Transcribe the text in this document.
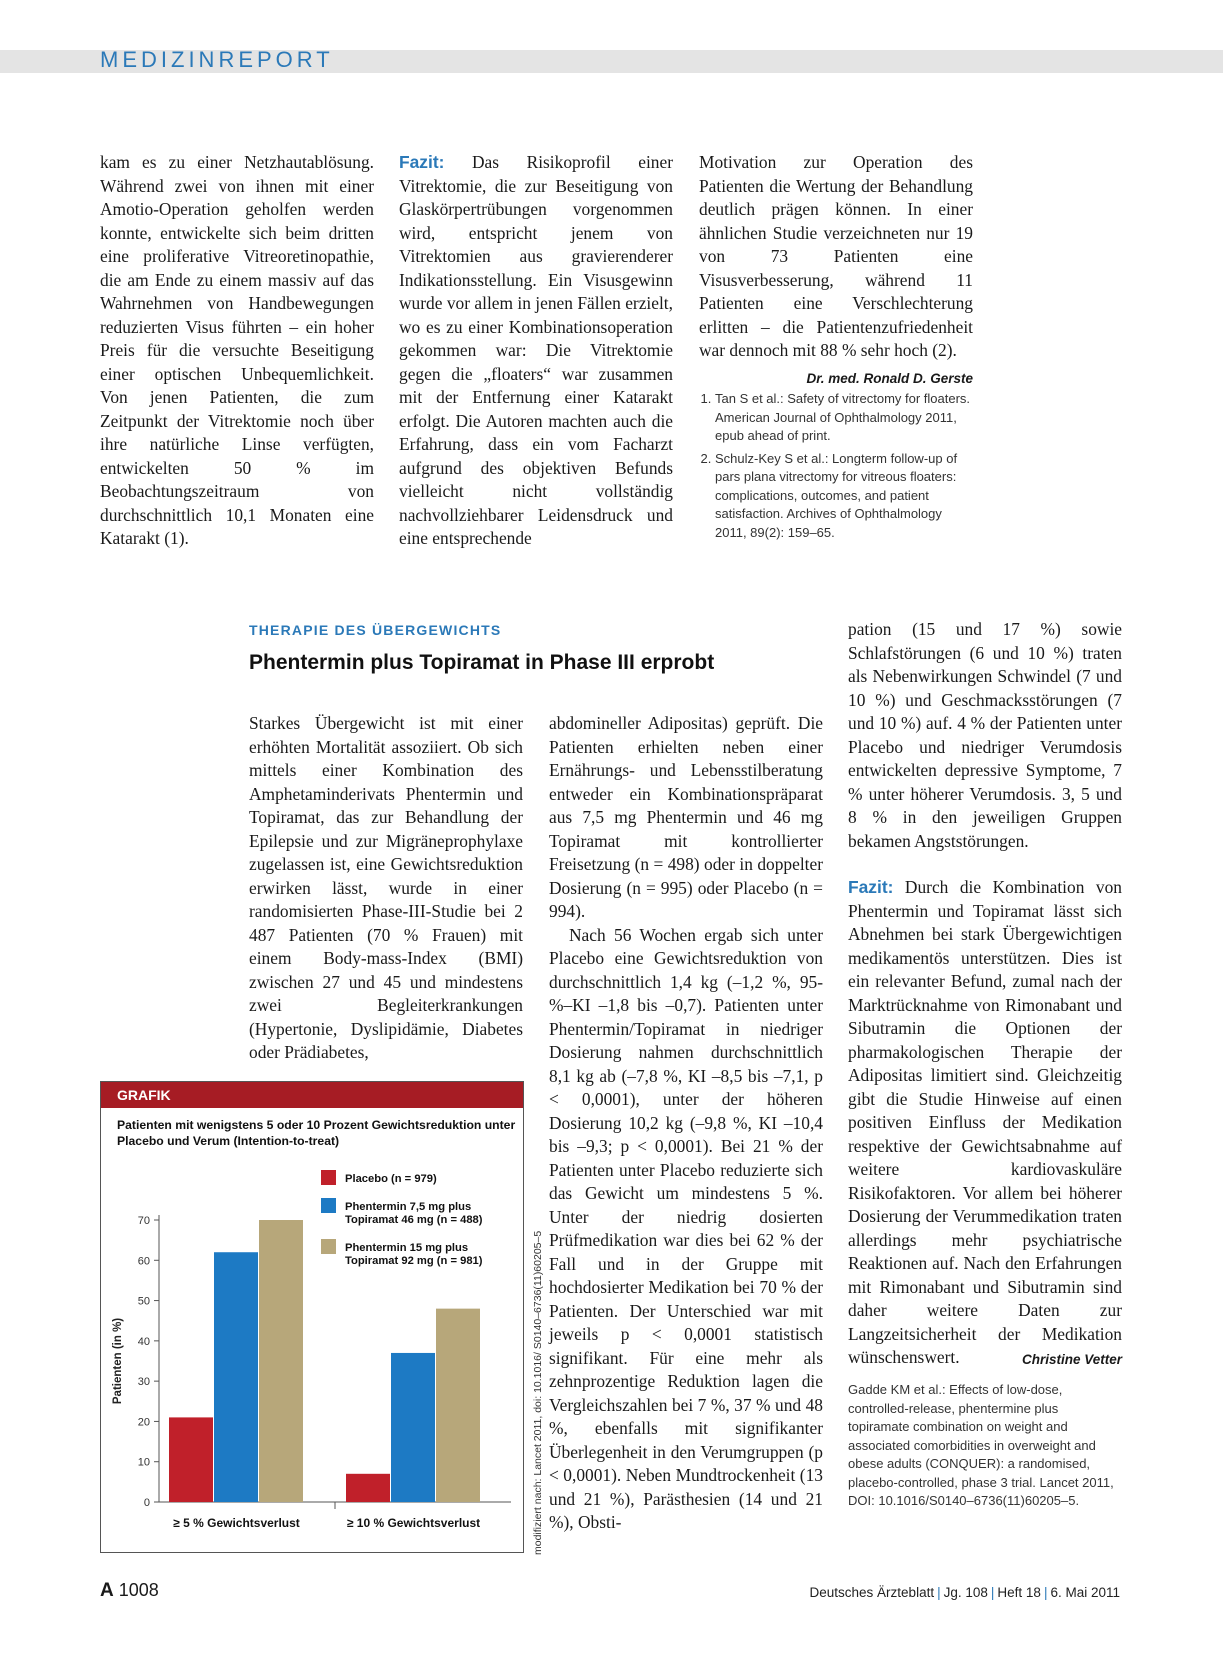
MEDIZINREPORT

kam es zu einer Netzhautablösung. Während zwei von ihnen mit einer Amotio-Operation geholfen werden konnte, entwickelte sich beim dritten eine proliferative Vitreoretinopathie, die am Ende zu einem massiv auf das Wahrnehmen von Handbewegungen reduzierten Visus führten – ein hoher Preis für die versuchte Beseitigung einer optischen Unbequemlichkeit. Von jenen Patienten, die zum Zeitpunkt der Vitrektomie noch über ihre natürliche Linse verfügten, entwickelten 50 % im Beobachtungszeitraum von durchschnittlich 10,1 Monaten eine Katarakt (1).

Fazit: Das Risikoprofil einer Vitrektomie, die zur Beseitigung von Glaskörpertrübungen vorgenommen wird, entspricht jenem von Vitrektomien aus gravierenderer Indikationsstellung. Ein Visusgewinn wurde vor allem in jenen Fällen erzielt, wo es zu einer Kombinationsoperation gekommen war: Die Vitrektomie gegen die „floaters“ war zusammen mit der Entfernung einer Katarakt erfolgt. Die Autoren machten auch die Erfahrung, dass ein vom Facharzt aufgrund des objektiven Befunds vielleicht nicht vollständig nachvollziehbarer Leidensdruck und eine entsprechende

Motivation zur Operation des Patienten die Wertung der Behandlung deutlich prägen können. In einer ähnlichen Studie verzeichneten nur 19 von 73 Patienten eine Visusverbesserung, während 11 Patienten eine Verschlechterung erlitten – die Patientenzufriedenheit war dennoch mit 88 % sehr hoch (2).

Dr. med. Ronald D. Gerste
1. Tan S et al.: Safety of vitrectomy for floaters. American Journal of Ophthalmology 2011, epub ahead of print.
2. Schulz-Key S et al.: Longterm follow-up of pars plana vitrectomy for vitreous floaters: complications, outcomes, and patient satisfaction. Archives of Ophthalmology 2011, 89(2): 159–65.
THERAPIE DES ÜBERGEWICHTS
Phentermin plus Topiramat in Phase III erprobt

Starkes Übergewicht ist mit einer erhöhten Mortalität assoziiert. Ob sich mittels einer Kombination des Amphetaminderivats Phentermin und Topiramat, das zur Behandlung der Epilepsie und zur Migräneprophylaxe zugelassen ist, eine Gewichtsreduktion erwirken lässt, wurde in einer randomisierten Phase-III-Studie bei 2 487 Patienten (70 % Frauen) mit einem Body-mass-Index (BMI) zwischen 27 und 45 und mindestens zwei Begleiterkrankungen (Hypertonie, Dyslipidämie, Diabetes oder Prädiabetes,

abdomineller Adipositas) geprüft. Die Patienten erhielten neben einer Ernährungs- und Lebensstilberatung entweder ein Kombinationspräparat aus 7,5 mg Phentermin und 46 mg Topiramat mit kontrollierter Freisetzung (n = 498) oder in doppelter Dosierung (n = 995) oder Placebo (n = 994).

Nach 56 Wochen ergab sich unter Placebo eine Gewichtsreduktion von durchschnittlich 1,4 kg (–1,2 %, 95-%–KI –1,8 bis –0,7). Patienten unter Phentermin/Topiramat in niedriger Dosierung nahmen durchschnittlich 8,1 kg ab (–7,8 %, KI –8,5 bis –7,1, p < 0,0001), unter der höheren Dosierung 10,2 kg (–9,8 %, KI –10,4 bis –9,3; p < 0,0001). Bei 21 % der Patienten unter Placebo reduzierte sich das Gewicht um mindestens 5 %. Unter der niedrig dosierten Prüfmedikation war dies bei 62 % der Fall und in der Gruppe mit hochdosierter Medikation bei 70 % der Patienten. Der Unterschied war mit jeweils p < 0,0001 statistisch signifikant. Für eine mehr als zehnprozentige Reduktion lagen die Vergleichszahlen bei 7 %, 37 % und 48 %, ebenfalls mit signifikanter Überlegenheit in den Verumgruppen (p < 0,0001). Neben Mundtrockenheit (13 und 21 %), Parästhesien (14 und 21 %), Obsti-

pation (15 und 17 %) sowie Schlafstörungen (6 und 10 %) traten als Nebenwirkungen Schwindel (7 und 10 %) und Geschmacksstörungen (7 und 10 %) auf. 4 % der Patienten unter Placebo und niedriger Verumdosis entwickelten depressive Symptome, 7 % unter höherer Verumdosis. 3, 5 und 8 % in den jeweiligen Gruppen bekamen Angststörungen.

Fazit: Durch die Kombination von Phentermin und Topiramat lässt sich Abnehmen bei stark Übergewichtigen medikamentös unterstützen. Dies ist ein relevanter Befund, zumal nach der Marktrücknahme von Rimonabant und Sibutramin die Optionen der pharmakologischen Therapie der Adipositas limitiert sind. Gleichzeitig gibt die Studie Hinweise auf einen positiven Einfluss der Medikation respektive der Gewichtsabnahme auf weitere kardiovaskuläre Risikofaktoren. Vor allem bei höherer Dosierung der Verummedikation traten allerdings mehr psychiatrische Reaktionen auf. Nach den Erfahrungen mit Rimonabant und Sibutramin sind daher weitere Daten zur Langzeitsicherheit der Medikation wünschenswert.	Christine Vetter
Gadde KM et al.: Effects of low-dose, controlled-release, phentermine plus topiramate combination on weight and associated comorbidities in overweight and obese adults (CONQUER): a randomised, placebo-controlled, phase 3 trial. Lancet 2011, DOI: 10.1016/S0140–6736(11)60205–5.
GRAFIK
Patienten mit wenigstens 5 oder 10 Prozent Gewichtsreduktion unter Placebo und Verum (Intention-to-treat)
0
10
20
30
40
50
60
70
Patienten (in %)
≥ 5 % Gewichtsverlust	≥ 10 % Gewichtsverlust
Placebo (n = 979)
Phentermin 7,5 mg plus
Topiramat 46 mg (n = 488)
Phentermin 15 mg plus
Topiramat 92 mg (n = 981)	modifiziert nach: Lancet 2011, doi: 10.1016/ S0140–6736(11)60205–5
A 1008	Deutsches Ärzteblatt | Jg. 108 | Heft 18 | 6. Mai 2011
